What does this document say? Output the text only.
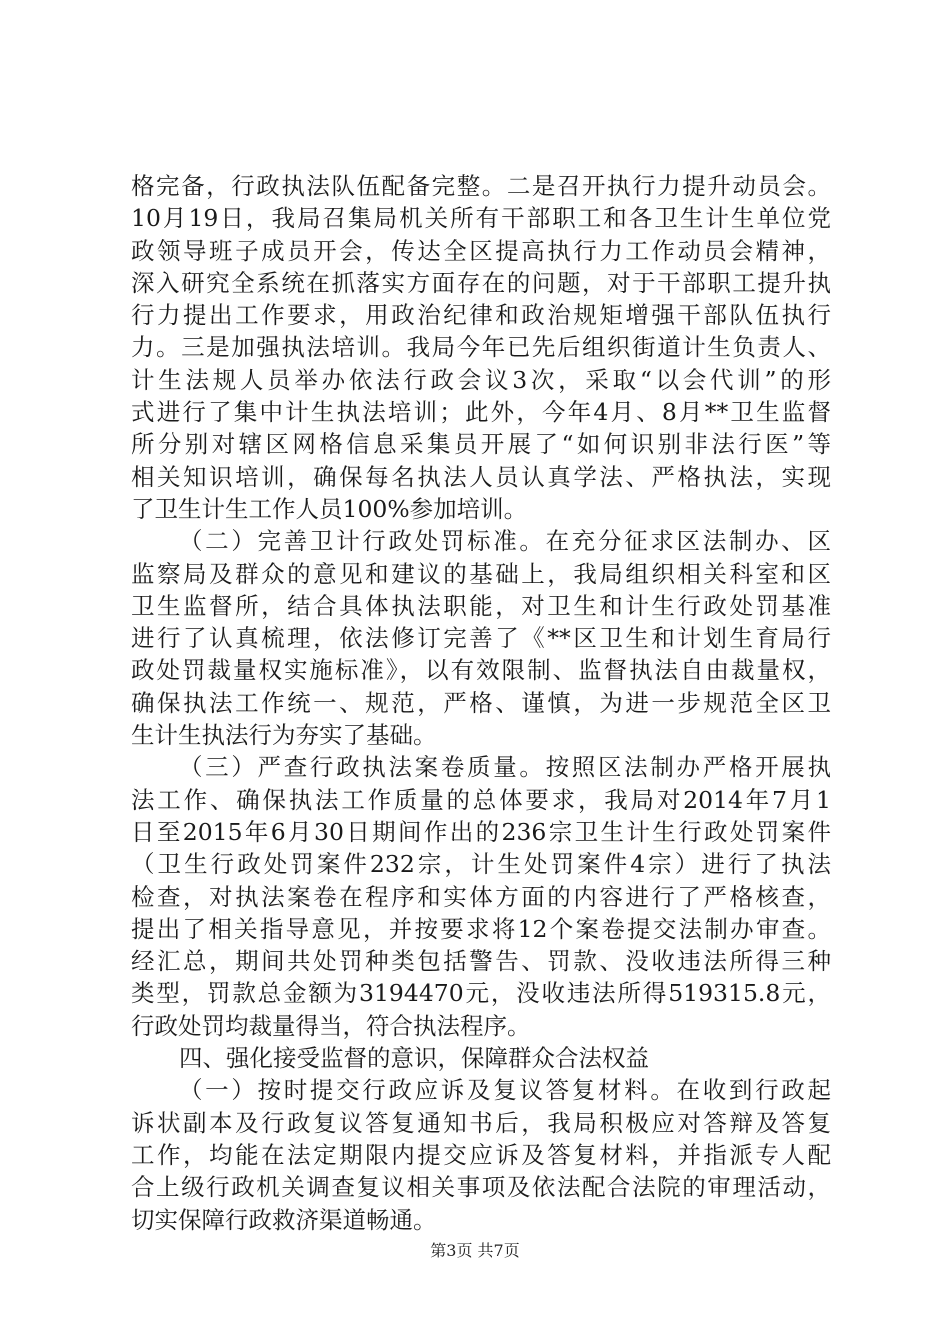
格完备，行政执法队伍配备完整。二是召开执行力提升动员会。
10月19日，我局召集局机关所有干部职工和各卫生计生单位党
政领导班子成员开会，传达全区提高执行力工作动员会精神，
深入研究全系统在抓落实方面存在的问题，对于干部职工提升执
行力提出工作要求，用政治纪律和政治规矩增强干部队伍执行
力。三是加强执法培训。我局今年已先后组织街道计生负责人、
计生法规人员举办依法行政会议3次，采取“以会代训”的形
式进行了集中计生执法培训；此外，今年4月、8月**卫生监督
所分别对辖区网格信息采集员开展了“如何识别非法行医”等
相关知识培训，确保每名执法人员认真学法、严格执法，实现
了卫生计生工作人员100%参加培训。
（二）完善卫计行政处罚标准。在充分征求区法制办、区
监察局及群众的意见和建议的基础上，我局组织相关科室和区
卫生监督所，结合具体执法职能，对卫生和计生行政处罚基准
进行了认真梳理，依法修订完善了《**区卫生和计划生育局行
政处罚裁量权实施标准》，以有效限制、监督执法自由裁量权，
确保执法工作统一、规范，严格、谨慎，为进一步规范全区卫
生计生执法行为夯实了基础。
（三）严查行政执法案卷质量。按照区法制办严格开展执
法工作、确保执法工作质量的总体要求，我局对2014年7月1
日至2015年6月30日期间作出的236宗卫生计生行政处罚案件
（卫生行政处罚案件232宗，计生处罚案件4宗）进行了执法
检查，对执法案卷在程序和实体方面的内容进行了严格核查，
提出了相关指导意见，并按要求将12个案卷提交法制办审查。
经汇总，期间共处罚种类包括警告、罚款、没收违法所得三种
类型，罚款总金额为3194470元，没收违法所得519315.8元，
行政处罚均裁量得当，符合执法程序。
四、强化接受监督的意识，保障群众合法权益
（一）按时提交行政应诉及复议答复材料。在收到行政起
诉状副本及行政复议答复通知书后，我局积极应对答辩及答复
工作，均能在法定期限内提交应诉及答复材料，并指派专人配
合上级行政机关调查复议相关事项及依法配合法院的审理活动，
切实保障行政救济渠道畅通。
第3页 共7页
